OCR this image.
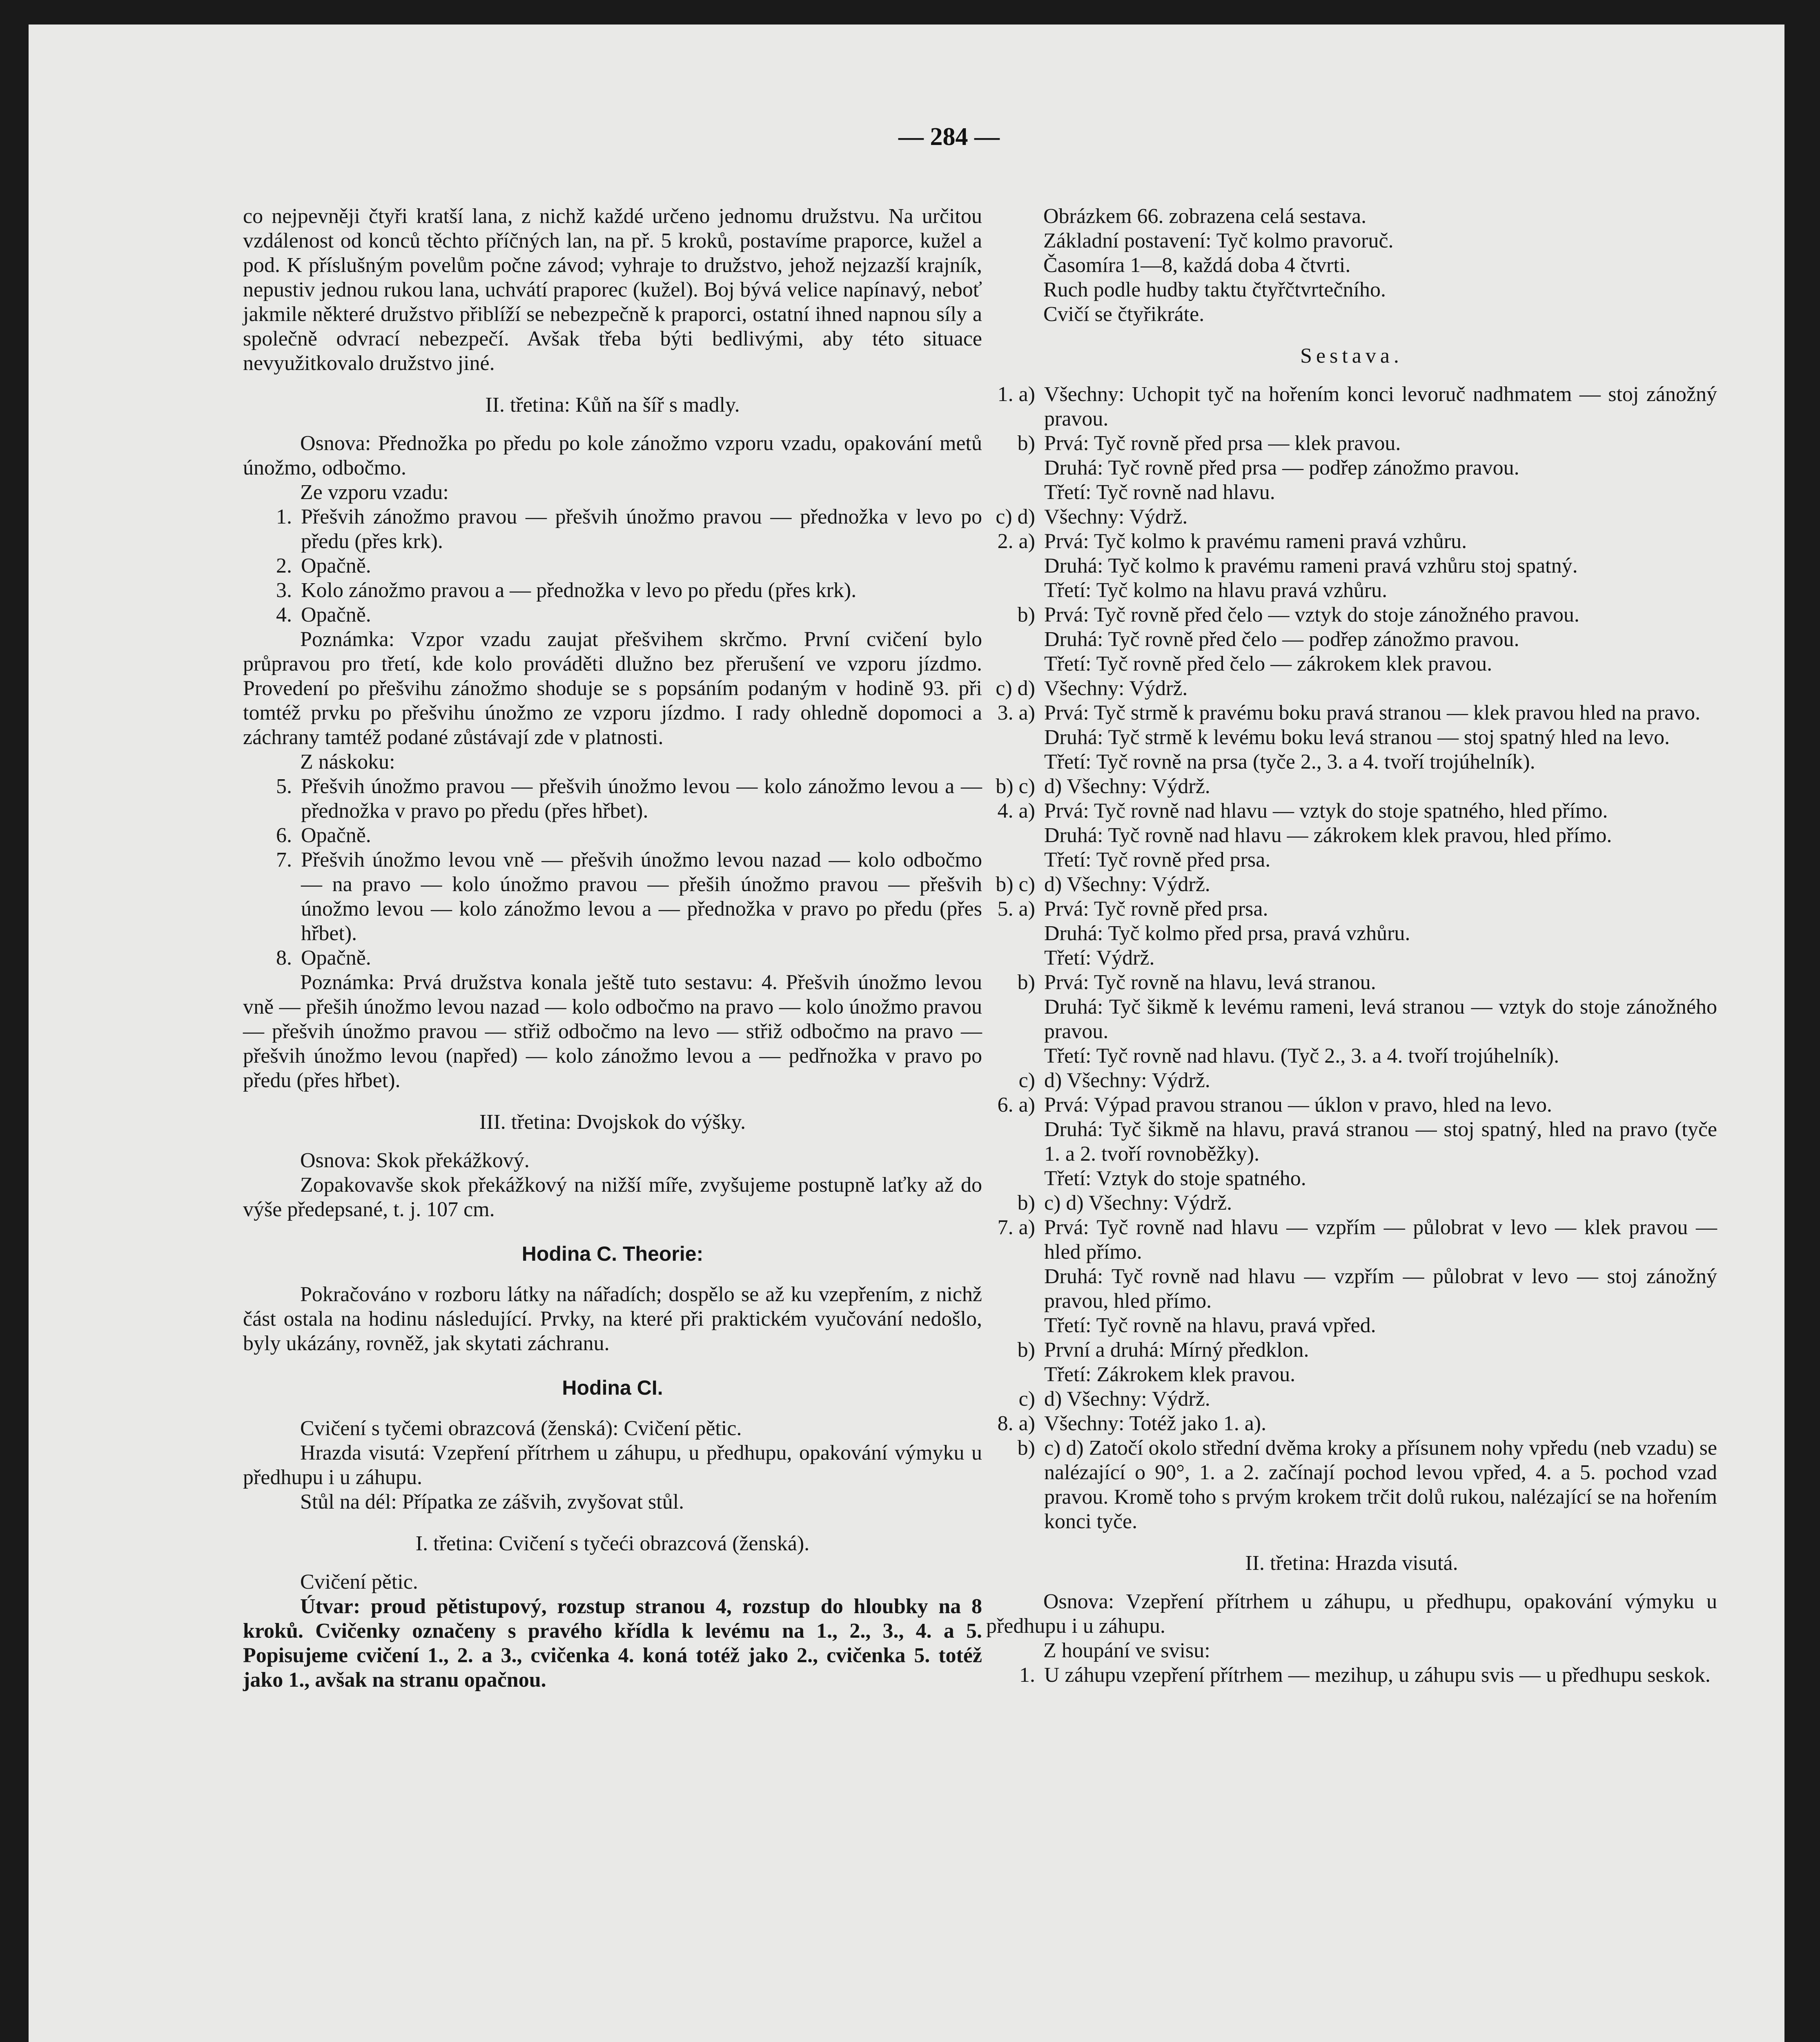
— 284 —

co nejpevněji čtyři kratší lana, z nichž každé určeno jednomu družstvu. Na určitou vzdálenost od konců těchto příčných lan, na př. 5 kroků, postavíme praporce, kužel a pod. K příslušným povelům počne závod; vyhraje to družstvo, jehož nejzazší krajník, nepustiv jednou rukou lana, uchvátí praporec (kužel). Boj bývá velice napínavý, neboť jakmile některé družstvo přiblíží se nebezpečně k praporci, ostatní ihned napnou síly a společně odvrací nebezpečí. Avšak třeba býti bedlivými, aby této situace nevyužitkovalo družstvo jiné.

II. třetina: Kůň na šíř s madly.

Osnova: Přednožka po předu po kole zánožmo vzporu vzadu, opakování metů únožmo, odbočmo.

Ze vzporu vzadu:

1. Přešvih zánožmo pravou — přešvih únožmo pravou — přednožka v levo po předu (přes krk).
2. Opačně.
3. Kolo zánožmo pravou a — přednožka v levo po předu (přes krk).
4. Opačně.

Poznámka: Vzpor vzadu zaujat přešvihem skrčmo. První cvičení bylo průpravou pro třetí, kde kolo prováděti dlužno bez přerušení ve vzporu jízdmo. Provedení po přešvihu zánožmo shoduje se s popsáním podaným v hodině 93. při tomtéž prvku po přešvihu únožmo ze vzporu jízdmo. I rady ohledně dopomoci a záchrany tamtéž podané zůstávají zde v platnosti.

Z náskoku:

5. Přešvih únožmo pravou — přešvih únožmo levou — kolo zánožmo levou a — přednožka v pravo po předu (přes hřbet).
6. Opačně.
7. Přešvih únožmo levou vně — přešvih únožmo levou nazad — kolo odbočmo — na pravo — kolo únožmo pravou — přeših únožmo pravou — přešvih únožmo levou — kolo zánožmo levou a — přednožka v pravo po předu (přes hřbet).
8. Opačně.

Poznámka: Prvá družstva konala ještě tuto sestavu: 4. Přešvih únožmo levou vně — přeših únožmo levou nazad — kolo odbočmo na pravo — kolo únožmo pravou — přešvih únožmo pravou — střiž odbočmo na levo — střiž odbočmo na pravo — přešvih únožmo levou (napřed) — kolo zánožmo levou a — pedřnožka v pravo po předu (přes hřbet).

III. třetina: Dvojskok do výšky.

Osnova: Skok překážkový.

Zopakovavše skok překážkový na nižší míře, zvyšujeme postupně laťky až do výše předepsané, t. j. 107 cm.

Hodina C. Theorie:

Pokračováno v rozboru látky na nářadích; dospělo se až ku vzepřením, z nichž část ostala na hodinu následující. Prvky, na které při praktickém vyučování nedošlo, byly ukázány, rovněž, jak skytati záchranu.

Hodina CI.

Cvičení s tyčemi obrazcová (ženská): Cvičení pětic.

Hrazda visutá: Vzepření přítrhem u záhupu, u předhupu, opakování výmyku u předhupu i u záhupu.

Stůl na dél: Přípatka ze zášvih, zvyšovat stůl.

I. třetina: Cvičení s tyčeći obrazcová (ženská).

Cvičení pětic.

Útvar: proud pětistupový, rozstup stranou 4, rozstup do hloubky na 8 kroků. Cvičenky označeny s pravého křídla k levému na 1., 2., 3., 4. a 5. Popisujeme cvičení 1., 2. a 3., cvičenka 4. koná totéž jako 2., cvičenka 5. totéž jako 1., avšak na stranu opačnou.

Obrázkem 66. zobrazena celá sestava.

Základní postavení: Tyč kolmo pravoruč.

Časomíra 1—8, každá doba 4 čtvrti.

Ruch podle hudby taktu čtyřčtvrtečního.

Cvičí se čtyřikráte.

Sestava.

1. a) Všechny: Uchopit tyč na hořením konci levoruč nadhmatem — stoj zánožný pravou.
b) Prvá: Tyč rovně před prsa — klek pravou.
Druhá: Tyč rovně před prsa — podřep zánožmo pravou.
Třetí: Tyč rovně nad hlavu.
c) d) Všechny: Výdrž.
2. a) Prvá: Tyč kolmo k pravému rameni pravá vzhůru.
Druhá: Tyč kolmo k pravému rameni pravá vzhůru stoj spatný.
Třetí: Tyč kolmo na hlavu pravá vzhůru.
b) Prvá: Tyč rovně před čelo — vztyk do stoje zánožného pravou.
Druhá: Tyč rovně před čelo — podřep zánožmo pravou.
Třetí: Tyč rovně před čelo — zákrokem klek pravou.
c) d) Všechny: Výdrž.
3. a) Prvá: Tyč strmě k pravému boku pravá stranou — klek pravou hled na pravo.
Druhá: Tyč strmě k levému boku levá stranou — stoj spatný hled na levo.
Třetí: Tyč rovně na prsa (tyče 2., 3. a 4. tvoří trojúhelník).
b) c) d) Všechny: Výdrž.
4. a) Prvá: Tyč rovně nad hlavu — vztyk do stoje spatného, hled přímo.
Druhá: Tyč rovně nad hlavu — zákrokem klek pravou, hled přímo.
Třetí: Tyč rovně před prsa.
b) c) d) Všechny: Výdrž.
5. a) Prvá: Tyč rovně před prsa.
Druhá: Tyč kolmo před prsa, pravá vzhůru.
Třetí: Výdrž.
b) Prvá: Tyč rovně na hlavu, levá stranou.
Druhá: Tyč šikmě k levému rameni, levá stranou — vztyk do stoje zánožného pravou.
Třetí: Tyč rovně nad hlavu. (Tyč 2., 3. a 4. tvoří trojúhelník).
c) d) Všechny: Výdrž.
6. a) Prvá: Výpad pravou stranou — úklon v pravo, hled na levo.
Druhá: Tyč šikmě na hlavu, pravá stranou — stoj spatný, hled na pravo (tyče 1. a 2. tvoří rovnoběžky).
Třetí: Vztyk do stoje spatného.
b) c) d) Všechny: Výdrž.
7. a) Prvá: Tyč rovně nad hlavu — vzpřím — půlobrat v levo — klek pravou — hled přímo.
Druhá: Tyč rovně nad hlavu — vzpřím — půlobrat v levo — stoj zánožný pravou, hled přímo.
Třetí: Tyč rovně na hlavu, pravá vpřed.
b) První a druhá: Mírný předklon.
Třetí: Zákrokem klek pravou.
c) d) Všechny: Výdrž.
8. a) Všechny: Totéž jako 1. a).
b) c) d) Zatočí okolo střední dvěma kroky a přísunem nohy vpředu (neb vzadu) se nalézající o 90°, 1. a 2. začínají pochod levou vpřed, 4. a 5. pochod vzad pravou. Kromě toho s prvým krokem trčit dolů rukou, nalézající se na hořením konci tyče.

II. třetina: Hrazda visutá.

Osnova: Vzepření přítrhem u záhupu, u předhupu, opakování výmyku u předhupu i u záhupu.

Z houpání ve svisu:

1. U záhupu vzepření přítrhem — mezihup, u záhupu svis — u předhupu seskok.
